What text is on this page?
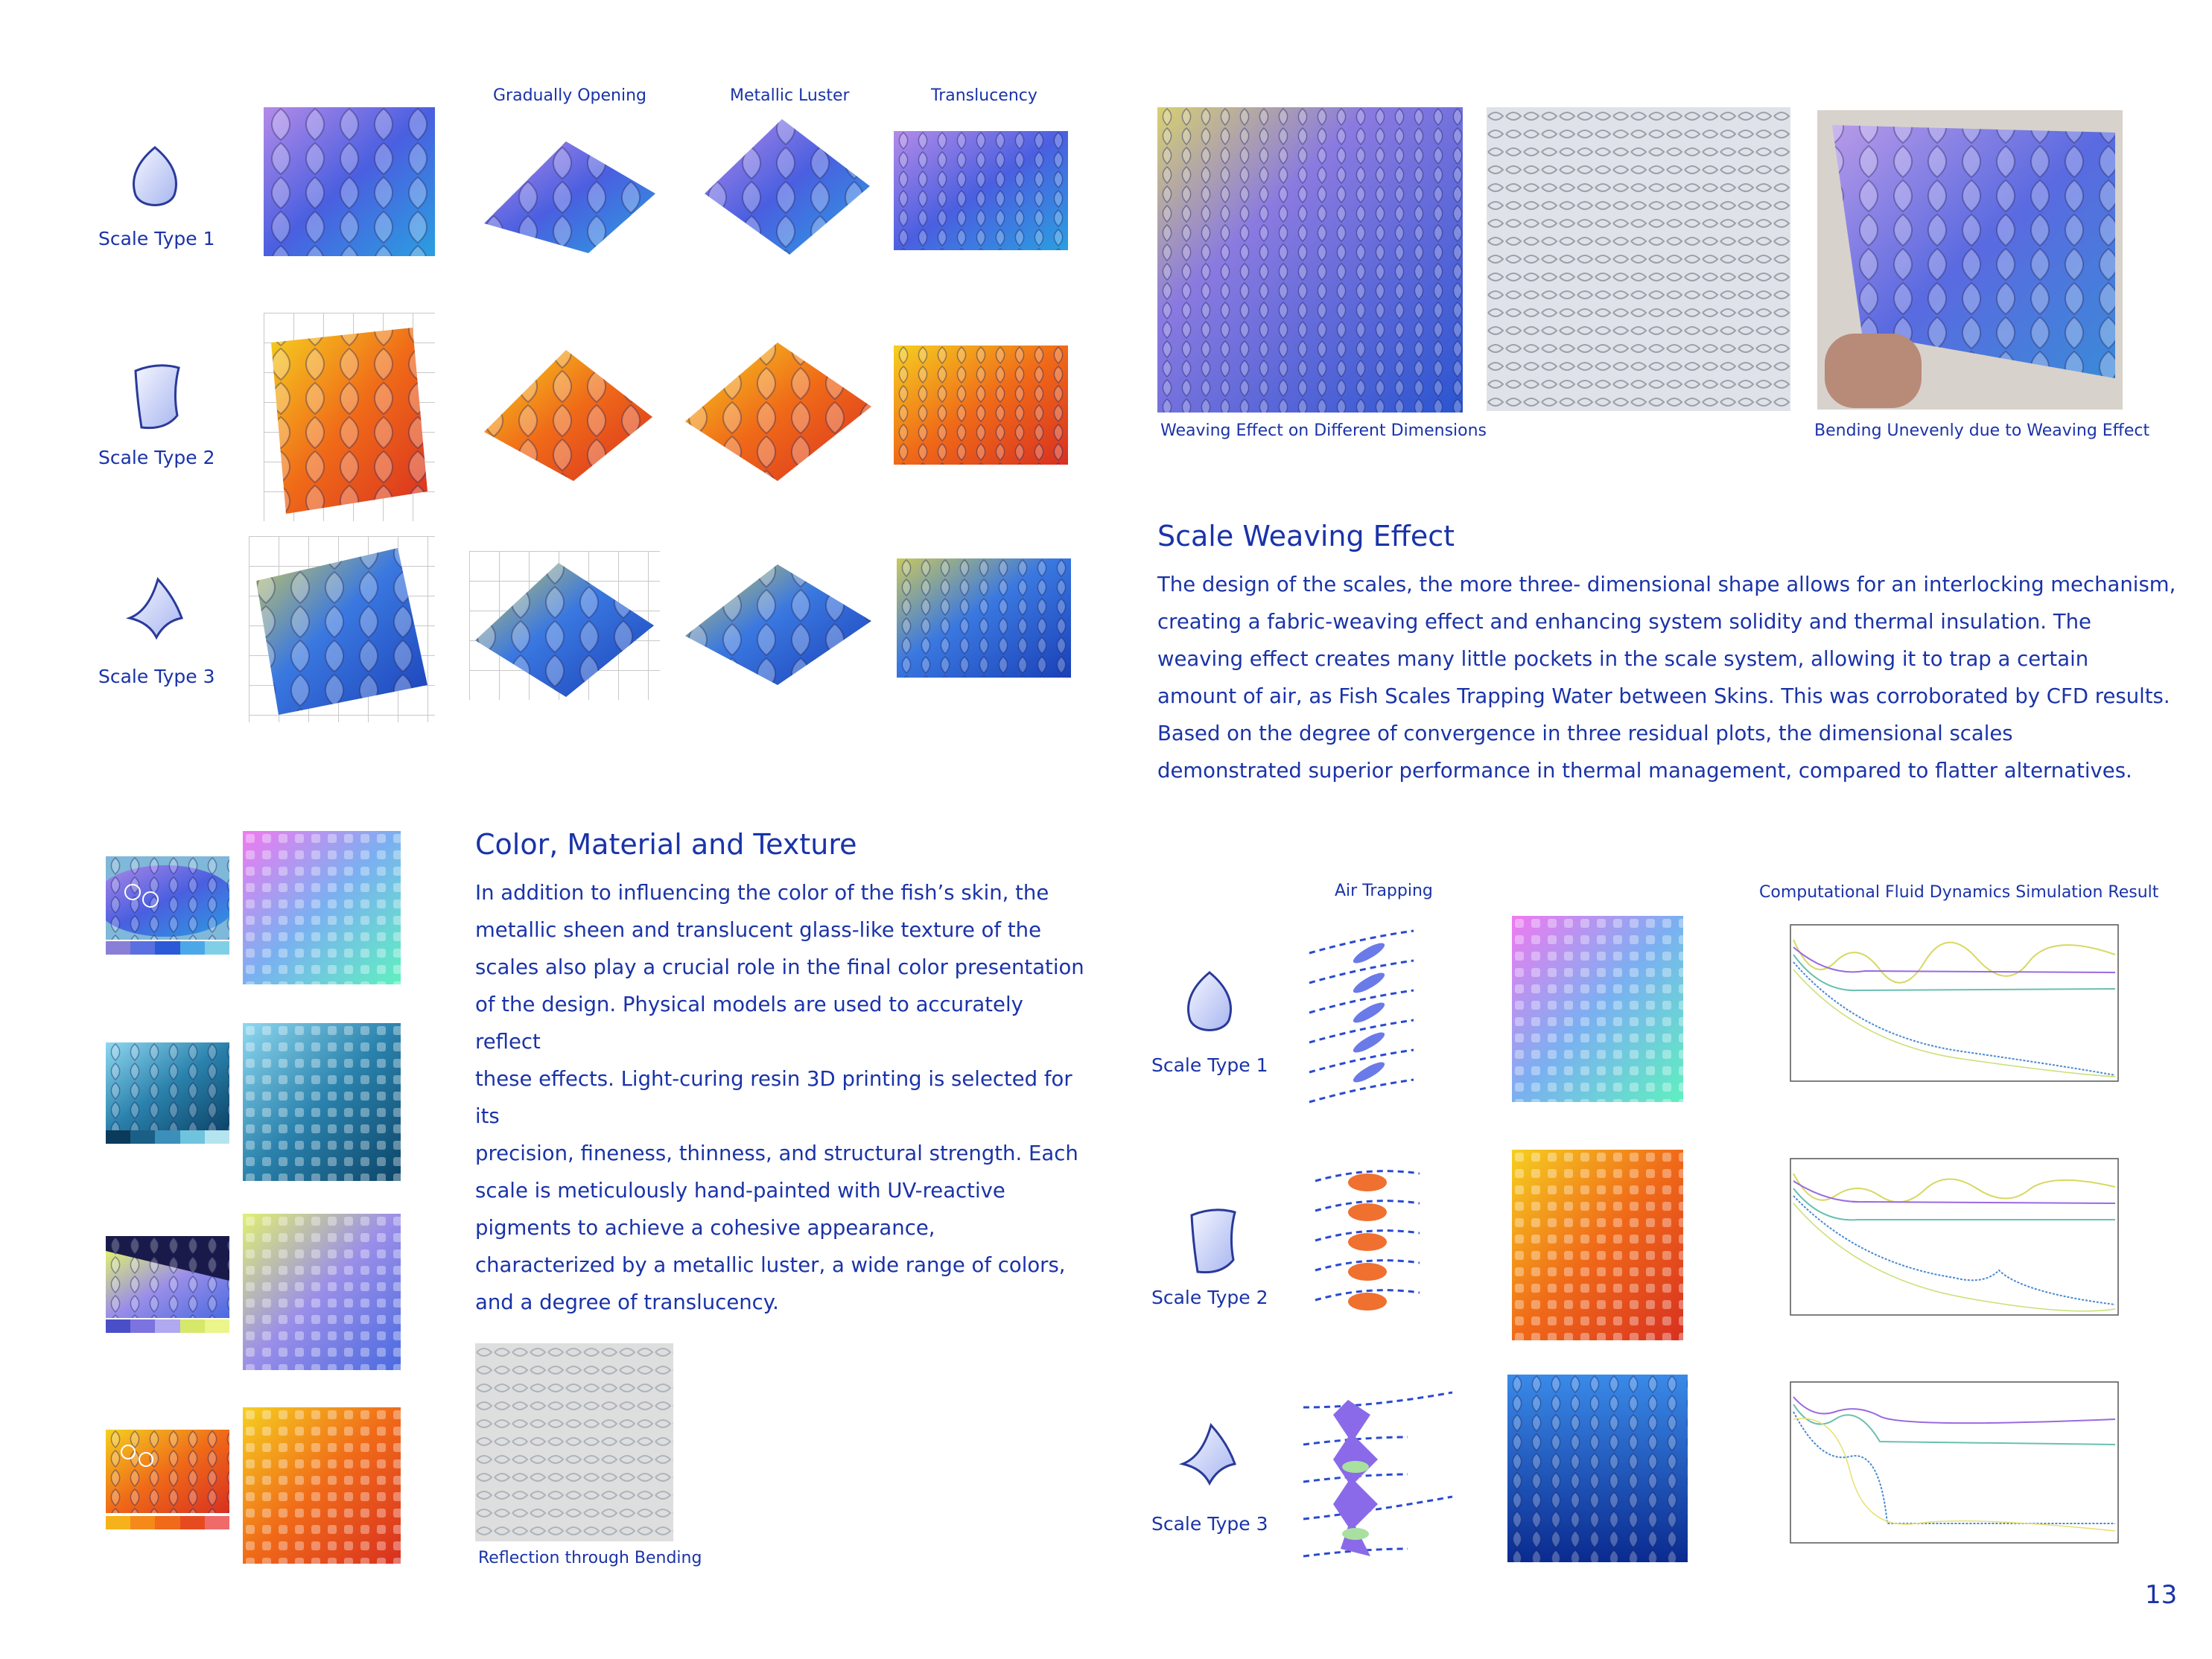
Gradually Opening	Metallic Luster	Translucency
Scale Type 1
Scale Type 2
Scale Type 3
Weaving Effect on Different Dimensions	Bending Unevenly due to Weaving Effect
Scale Weaving Effect

The design of the scales, the more three- dimensional shape allows for an interlocking mechanism,

creating a fabric-weaving effect and enhancing system solidity and thermal insulation. The

weaving effect creates many little pockets in the scale system, allowing it to trap a certain

amount of air, as Fish Scales Trapping Water between Skins. This was corroborated by CFD results.

Based on the degree of convergence in three residual plots, the dimensional scales

demonstrated superior performance in thermal management, compared to flatter alternatives.

Color, Material and Texture

In addition to influencing the color of the fish’s skin, the

metallic sheen and translucent glass-like texture of the

scales also play a crucial role in the final color presentation

of the design. Physical models are used to accurately reflect

these effects. Light-curing resin 3D printing is selected for its

precision, fineness, thinness, and structural strength. Each

scale is meticulously hand-painted with UV-reactive

pigments to achieve a cohesive appearance,

characterized by a metallic luster, a wide range of colors,

and a degree of translucency.

Reflection through Bending
Air Trapping	Computational Fluid Dynamics Simulation Result
Scale Type 1
Scale Type 2
Scale Type 3
13
